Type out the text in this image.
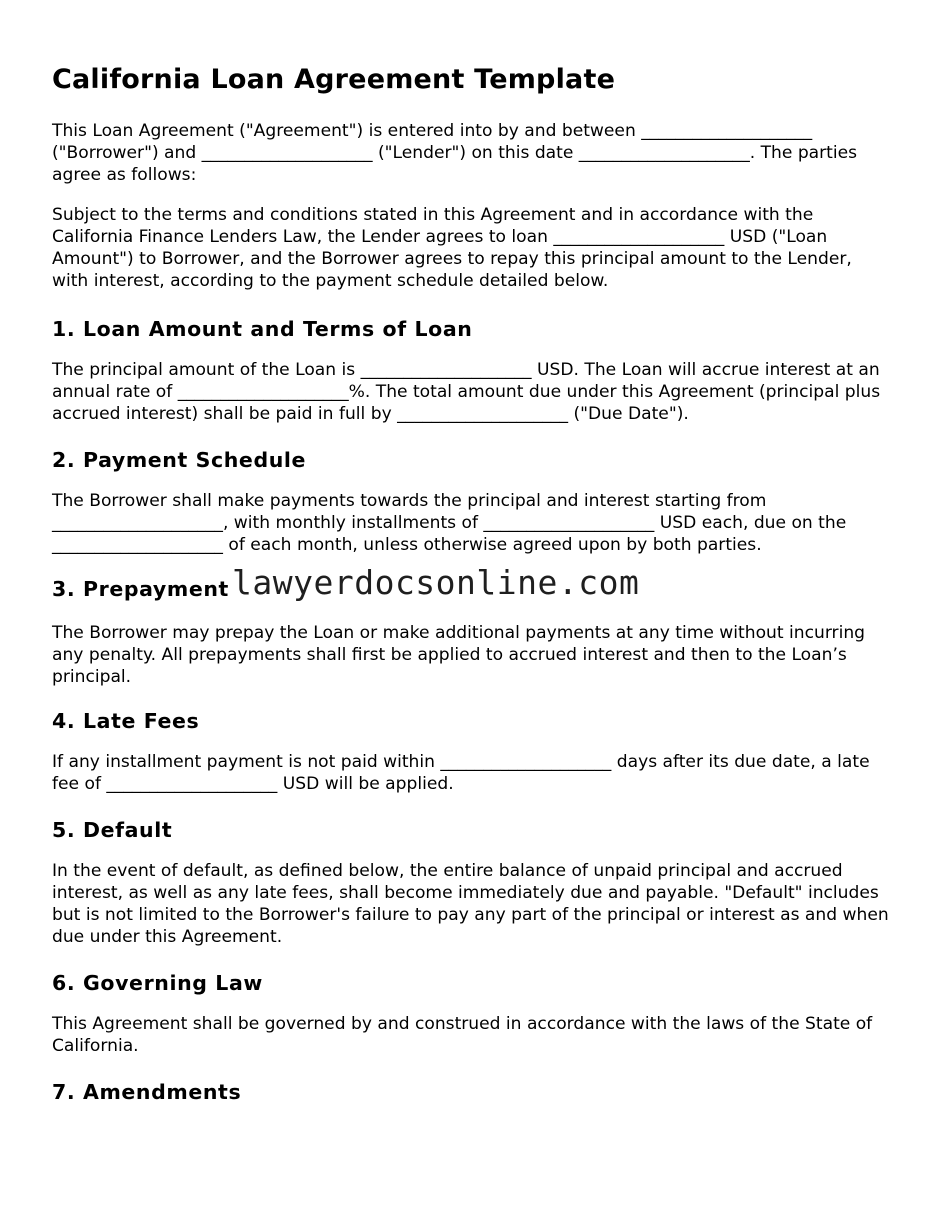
California Loan Agreement Template

This Loan Agreement ("Agreement") is entered into by and between ____________________ ("Borrower") and ____________________ ("Lender") on this date ____________________. The parties agree as follows:

Subject to the terms and conditions stated in this Agreement and in accordance with the California Finance Lenders Law, the Lender agrees to loan ____________________ USD ("Loan Amount") to Borrower, and the Borrower agrees to repay this principal amount to the Lender, with interest, according to the payment schedule detailed below.

1. Loan Amount and Terms of Loan

The principal amount of the Loan is ____________________ USD. The Loan will accrue interest at an annual rate of ____________________%. The total amount due under this Agreement (principal plus accrued interest) shall be paid in full by ____________________ ("Due Date").

2. Payment Schedule

The Borrower shall make payments towards the principal and interest starting from ____________________, with monthly installments of ____________________ USD each, due on the ____________________ of each month, unless otherwise agreed upon by both parties.

3. Prepayment lawyerdocsonline.com

The Borrower may prepay the Loan or make additional payments at any time without incurring any penalty. All prepayments shall first be applied to accrued interest and then to the Loan’s principal.

4. Late Fees

If any installment payment is not paid within ____________________ days after its due date, a late fee of ____________________ USD will be applied.

5. Default

In the event of default, as defined below, the entire balance of unpaid principal and accrued interest, as well as any late fees, shall become immediately due and payable. "Default" includes but is not limited to the Borrower's failure to pay any part of the principal or interest as and when due under this Agreement.

6. Governing Law

This Agreement shall be governed by and construed in accordance with the laws of the State of California.

7. Amendments
